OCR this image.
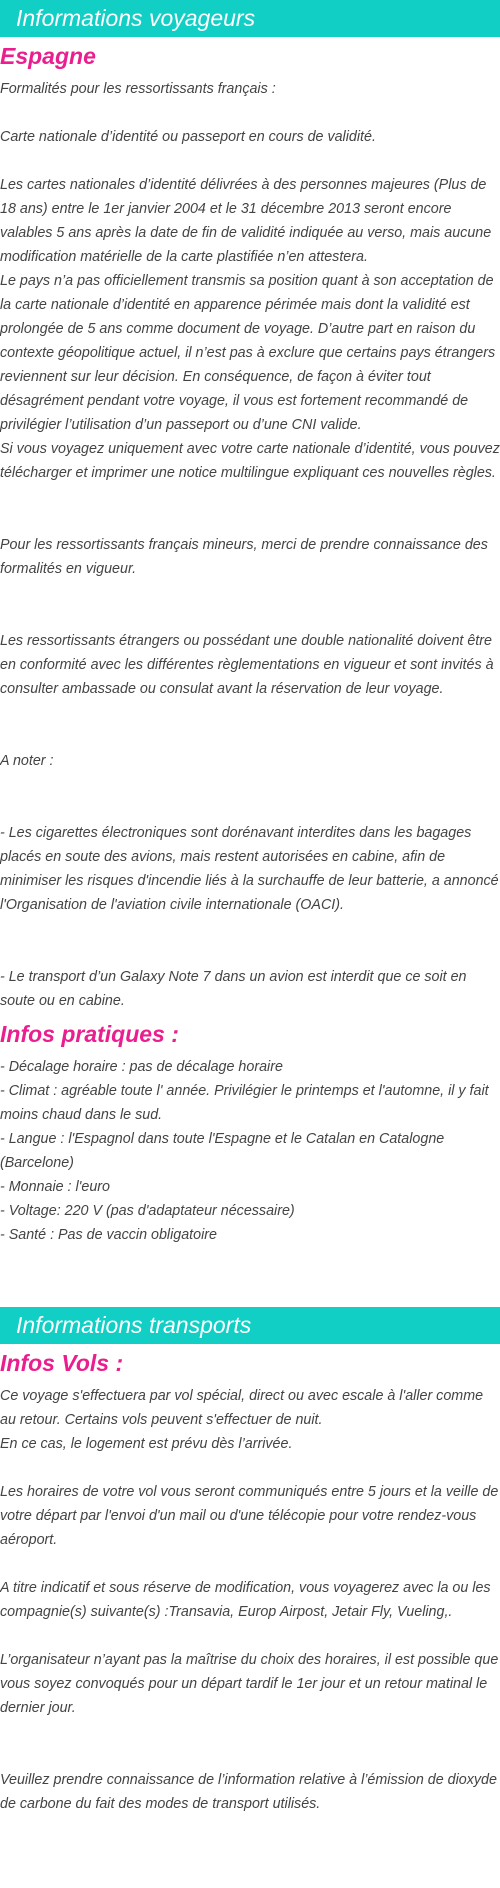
Informations voyageurs
Espagne

Formalités pour les ressortissants français :

Carte nationale d’identité ou passeport en cours de validité.

Les cartes nationales d’identité délivrées à des personnes majeures (Plus de 18 ans) entre le 1er janvier 2004 et le 31 décembre 2013 seront encore valables 5 ans après la date de fin de validité indiquée au verso, mais aucune modification matérielle de la carte plastifiée n’en attestera.

Le pays n’a pas officiellement transmis sa position quant à son acceptation de la carte nationale d’identité en apparence périmée mais dont la validité est prolongée de 5 ans comme document de voyage. D’autre part en raison du contexte géopolitique actuel, il n’est pas à exclure que certains pays étrangers reviennent sur leur décision. En conséquence, de façon à éviter tout désagrément pendant votre voyage, il vous est fortement recommandé de privilégier l’utilisation d’un passeport ou d’une CNI valide.

Si vous voyagez uniquement avec votre carte nationale d’identité, vous pouvez télécharger et imprimer une notice multilingue expliquant ces nouvelles règles.

Pour les ressortissants français mineurs, merci de prendre connaissance des formalités en vigueur.

Les ressortissants étrangers ou possédant une double nationalité doivent être en conformité avec les différentes règlementations en vigueur et sont invités à consulter ambassade ou consulat avant la réservation de leur voyage.

A noter :

- Les cigarettes électroniques sont dorénavant interdites dans les bagages placés en soute des avions, mais restent autorisées en cabine, afin de minimiser les risques d'incendie liés à la surchauffe de leur batterie, a annoncé l'Organisation de l'aviation civile internationale (OACI).

- Le transport d’un Galaxy Note 7 dans un avion est interdit que ce soit en soute ou en cabine.

Infos pratiques :

- Décalage horaire : pas de décalage horaire

- Climat : agréable toute l' année. Privilégier le printemps et l'automne, il y fait moins chaud dans le sud.

- Langue : l'Espagnol dans toute l'Espagne et le Catalan en Catalogne (Barcelone)

- Monnaie : l'euro

- Voltage: 220 V (pas d'adaptateur nécessaire)

- Santé : Pas de vaccin obligatoire

Informations transports
Infos Vols :

Ce voyage s'effectuera par vol spécial, direct ou avec escale à l'aller comme au retour. Certains vols peuvent s'effectuer de nuit.

En ce cas, le logement est prévu dès l’arrivée.

Les horaires de votre vol vous seront communiqués entre 5 jours et la veille de votre départ par l'envoi d'un mail ou d'une télécopie pour votre rendez-vous aéroport.

A titre indicatif et sous réserve de modification, vous voyagerez avec la ou les compagnie(s) suivante(s) :Transavia, Europ Airpost, Jetair Fly, Vueling,.

L’organisateur n’ayant pas la maîtrise du choix des horaires, il est possible que vous soyez convoqués pour un départ tardif le 1er jour et un retour matinal le dernier jour.

Veuillez prendre connaissance de l’information relative à l’émission de dioxyde de carbone du fait des modes de transport utilisés.
